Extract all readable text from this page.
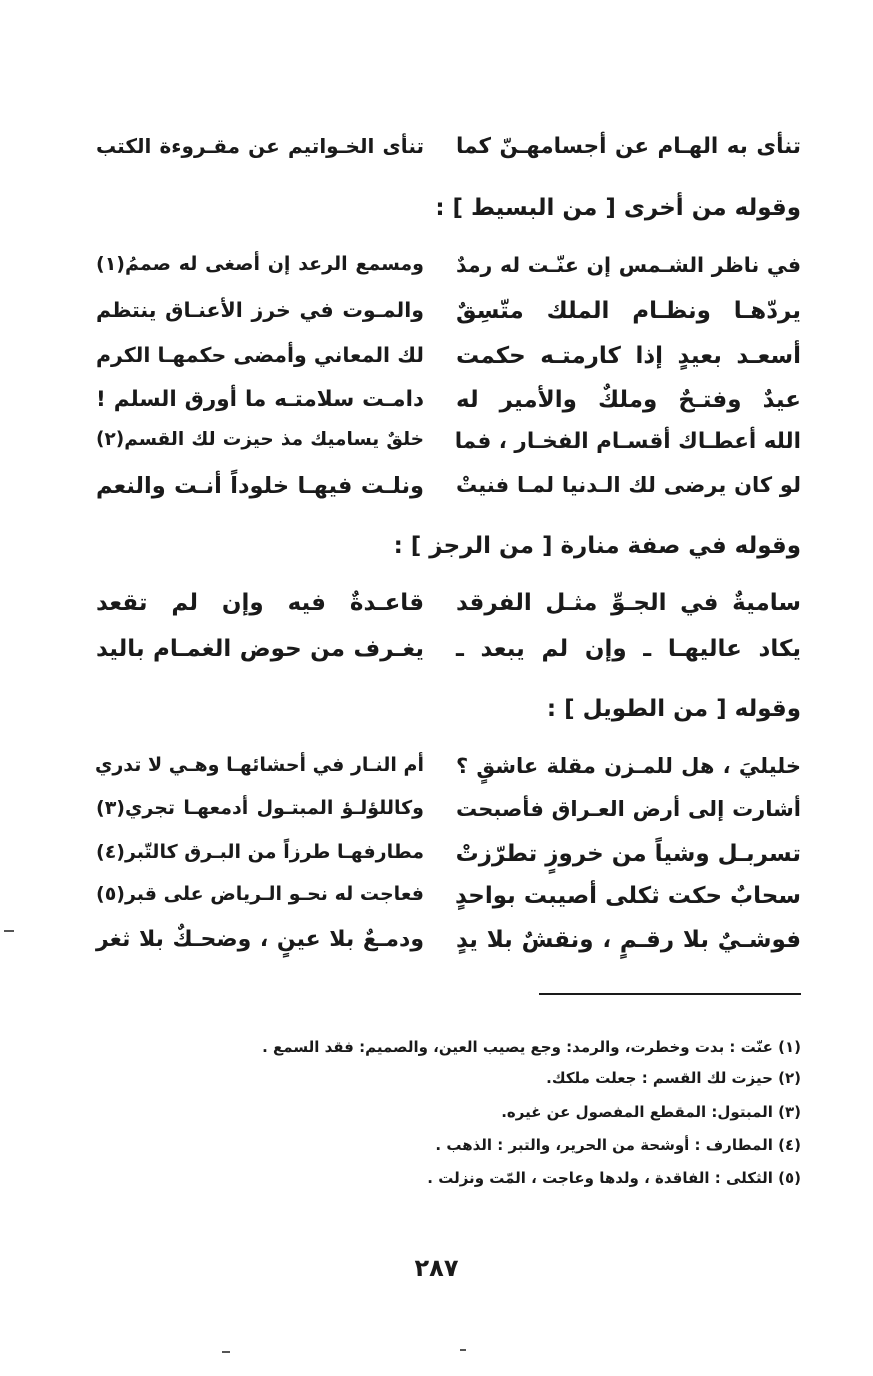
تنأى به الهـام عن أجسامهـنّ كما
تنأى الخـواتيم عن مقـروءة الكتب
وقوله من أخرى [ من البسيط ] :
في ناظر الشـمس إن عنّـت له رمدٌ
ومسمع الرعد إن أصغى له صممُ(١)
يردّهـا ونظـام الملك متّسِقٌ
والمـوت في خرز الأعنـاق ينتظم
أسعـد بعيدٍ إذا كارمتـه حكمت
لك المعاني وأمضى حكمهـا الكرم
عيدٌ وفتـحٌ وملكٌ والأمير له
دامـت سلامتـه ما أورق السلم !
الله أعطـاك أقسـام الفخـار ، فما
خلقٌ يساميك مذ حيزت لك القسم(٢)
لو كان يرضى لك الـدنيا لمـا فنيتْ
ونلـت فيهـا خلوداً أنـت والنعم
وقوله في صفة منارة [ من الرجز ] :
ساميةٌ في الجـوِّ مثـل الفرقد
قاعـدةٌ فيه وإن لم تقعد
يكاد عاليهـا ـ وإن لم يبعد ـ
يغـرف من حوض الغمـام باليد
وقوله [ من الطويل ] :
خليليَ ، هل للمـزن مقلة عاشقٍ ؟
أم النـار في أحشائهـا وهـي لا تدري
أشارت إلى أرض العـراق فأصبحت
وكاللؤلـؤ المبتـول أدمعهـا تجري(٣)
تسربـل وشياً من خروزٍ تطرّزتْ
مطارفهـا طرزاً من البـرق كالتّبر(٤)
سحابٌ حكت ثكلى أصيبت بواحدٍ
فعاجت له نحـو الـرياض على قبر(٥)
فوشـيٌ بلا رقـمٍ ، ونقشٌ بلا يدٍ
ودمـعٌ بلا عينٍ ، وضحـكٌ بلا ثغر
(١) عنّت : بدت وخطرت، والرمد: وجع يصيب العين، والصميم: فقد السمع .
(٢) حيزت لك القسم : جعلت ملكك.
(٣) المبتول: المقطع المفصول عن غيره.
(٤) المطارف : أوشحة من الحرير، والتبر : الذهب .
(٥) الثكلى : الفاقدة ، ولدها وعاجت ، المّت ونزلت .
٢٨٧
